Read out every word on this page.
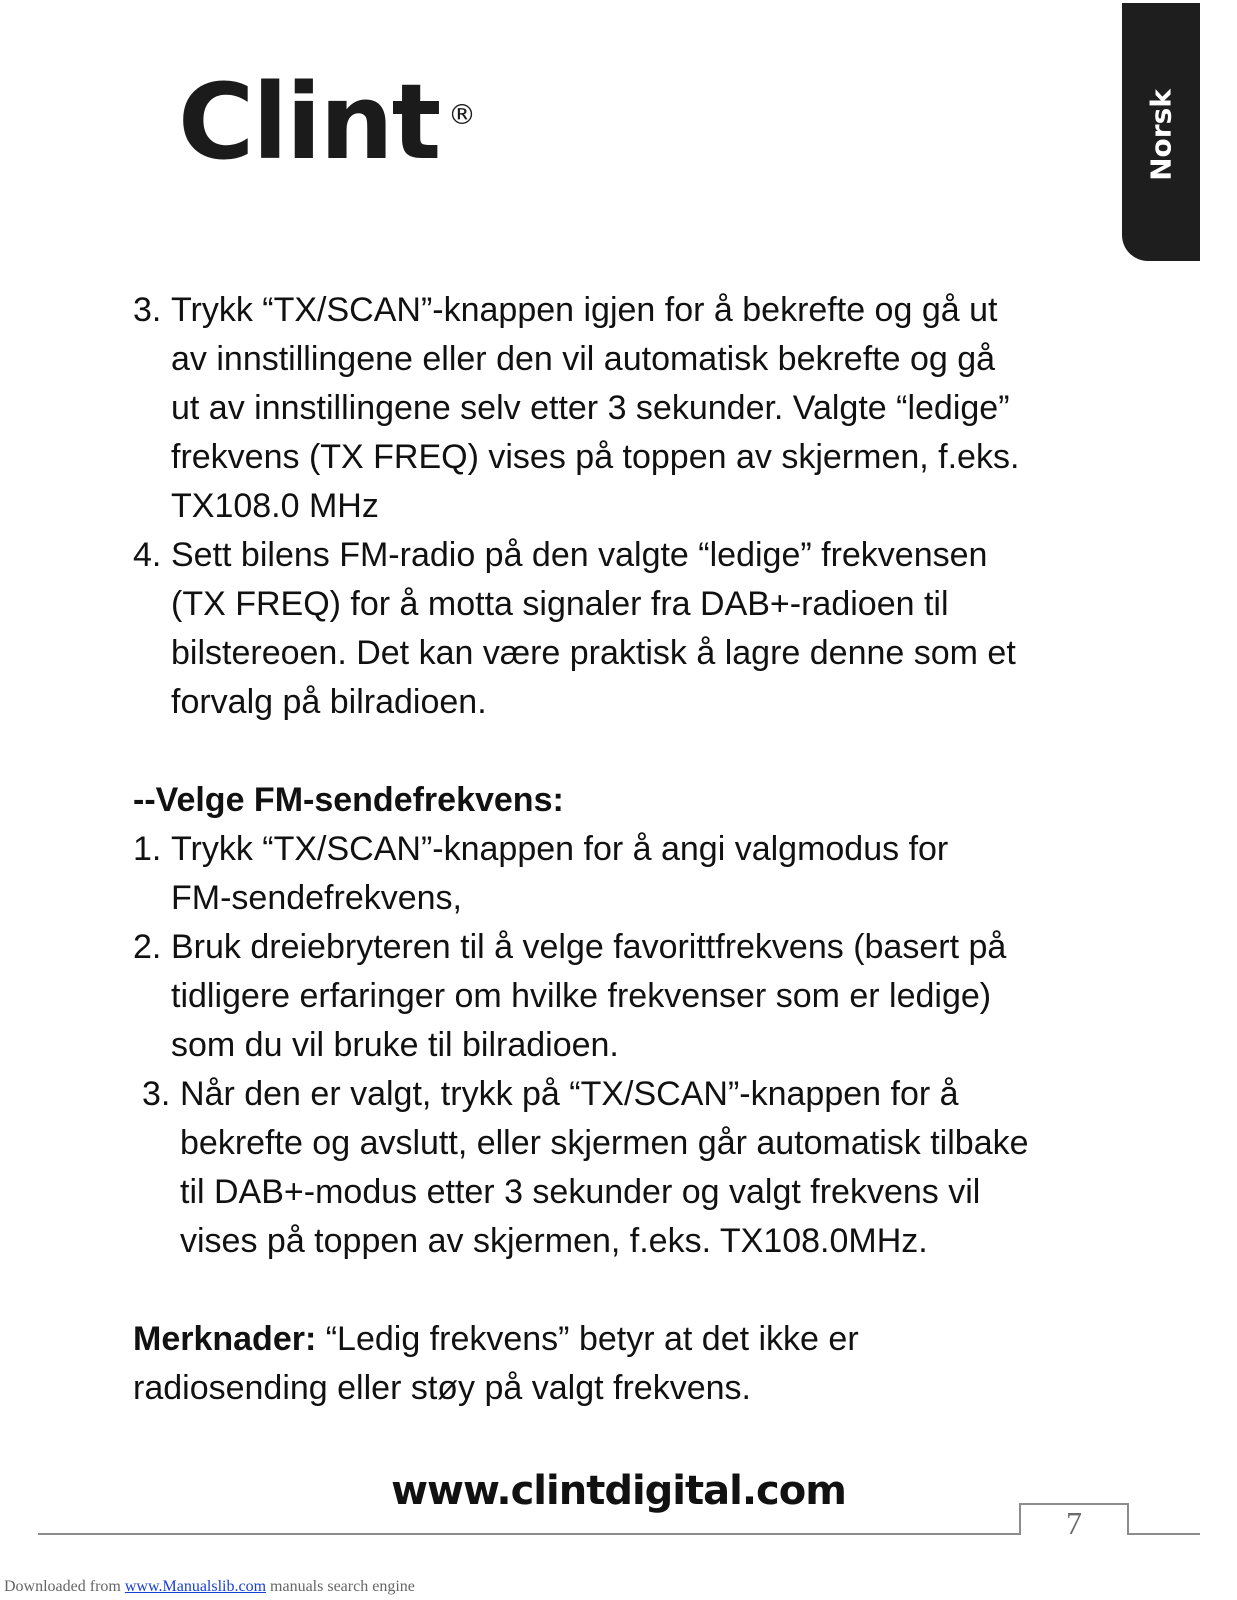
Clint ®	Norsk
3. Trykk “TX/SCAN”-knappen igjen for å bekrefte og gå ut
av innstillingene eller den vil automatisk bekrefte og gå
ut av innstillingene selv etter 3 sekunder. Valgte “ledige”
frekvens (TX FREQ) vises på toppen av skjermen, f.eks.
TX108.0 MHz
4. Sett bilens FM-radio på den valgte “ledige” frekvensen
(TX FREQ) for å motta signaler fra DAB+-radioen til
bilstereoen. Det kan være praktisk å lagre denne som et
forvalg på bilradioen.
--Velge FM-sendefrekvens:
1. Trykk “TX/SCAN”-knappen for å angi valgmodus for
FM-sendefrekvens,
2. Bruk dreiebryteren til å velge favorittfrekvens (basert på
tidligere erfaringer om hvilke frekvenser som er ledige)
som du vil bruke til bilradioen.
3. Når den er valgt, trykk på “TX/SCAN”-knappen for å
bekrefte og avslutt, eller skjermen går automatisk tilbake
til DAB+-modus etter 3 sekunder og valgt frekvens vil
vises på toppen av skjermen, f.eks. TX108.0MHz.
Merknader: “Ledig frekvens” betyr at det ikke er
radiosending eller støy på valgt frekvens.
www.clintdigital.com
7
Downloaded from www.Manualslib.com manuals search engine
